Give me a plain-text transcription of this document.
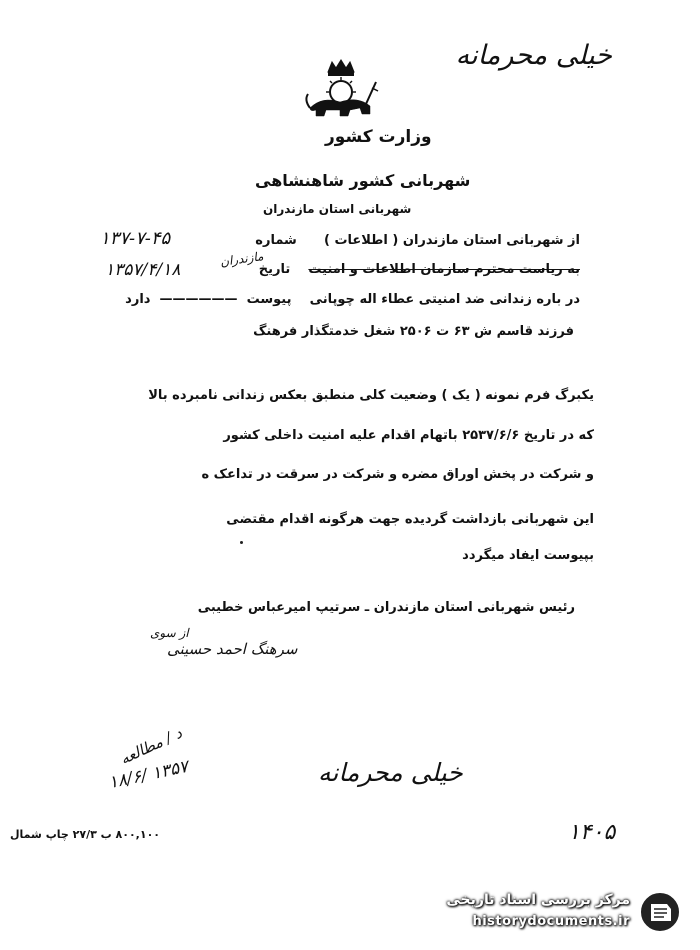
خیلی محرمانه
وزارت کشور
شهربانی کشور شاهنشاهی
شهربانی استان مازندران
از شهربانی استان مازندران ( اطلاعات )      شماره
۱۳۷-۷-۴۵
به ریاست محترم سازمان اطلاعات و امنیت    تاریخ
مازندران
۱۳۵۷/۴/۱۸
در باره زندانی ضد امنیتی عطاء اله چوپانی    پیوست  ——————  دارد
فرزند قاسم ش ۶۳ ت ۲۵۰۶ شغل خدمتگذار فرهنگ
یکبرگ فرم نمونه ( یک ) وضعیت کلی منطبق بعکس زندانی نامبرده بالا
که در تاریخ ۲۵۳۷/۶/۶ باتهام اقدام علیه امنیت داخلی کشور
و شرکت در پخش اوراق مضره و شرکت در سرقت در تداعک ه
این شهربانی بازداشت گردیده جهت هرگونه اقدام مقتضی
بپیوست ایفاد میگردد
رئیس شهربانی استان مازندران ـ سرتیپ امیرعباس خطیبی
از سوی
سرهنگ احمد حسینی
د / مطالعه
۱۸/۶/ ۱۳۵۷	خیلی محرمانه
۸۰۰,۱۰۰ ب ۲۷/۳ چاپ شمال	۱۴۰۵
مرکز بررسی اسناد تاریخی
historydocuments.ir
